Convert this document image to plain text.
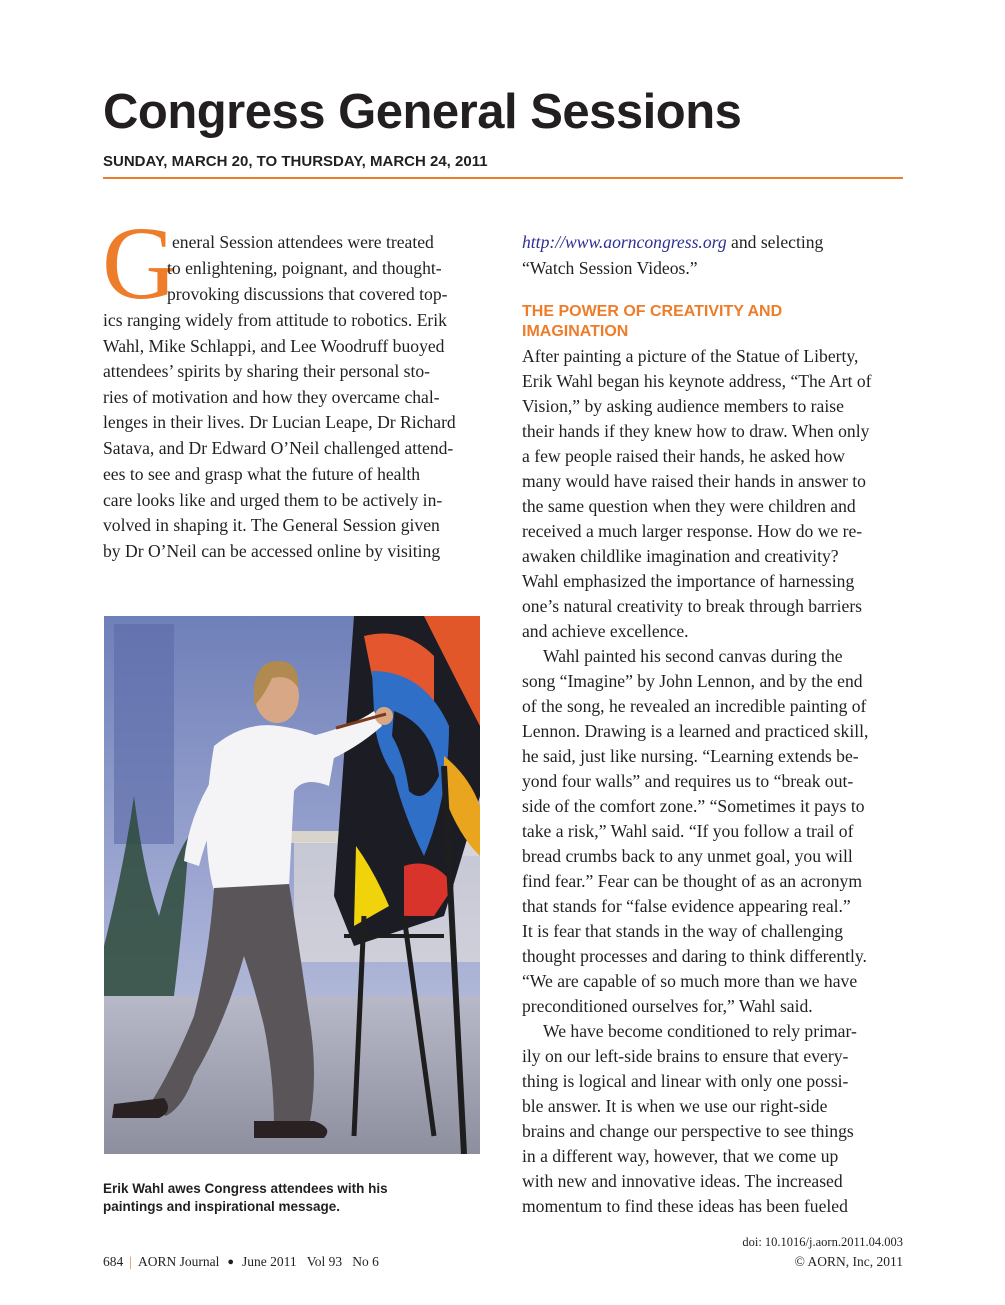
Congress General Sessions
SUNDAY, MARCH 20, TO THURSDAY, MARCH 24, 2011
G
eneral Session attendees were treated
to enlightening, poignant, and thought-
provoking discussions that covered top-
ics ranging widely from attitude to robotics. Erik
Wahl, Mike Schlappi, and Lee Woodruff buoyed
attendees’ spirits by sharing their personal sto-
ries of motivation and how they overcame chal-
lenges in their lives. Dr Lucian Leape, Dr Richard
Satava, and Dr Edward O’Neil challenged attend-
ees to see and grasp what the future of health
care looks like and urged them to be actively in-
volved in shaping it. The General Session given
by Dr O’Neil can be accessed online by visiting
Erik Wahl awes Congress attendees with his
paintings and inspirational message.
http://www.aorncongress.org and selecting
“Watch Session Videos.”
THE POWER OF CREATIVITY AND
IMAGINATION
After painting a picture of the Statue of Liberty,
Erik Wahl began his keynote address, “The Art of
Vision,” by asking audience members to raise
their hands if they knew how to draw. When only
a few people raised their hands, he asked how
many would have raised their hands in answer to
the same question when they were children and
received a much larger response. How do we re-
awaken childlike imagination and creativity?
Wahl emphasized the importance of harnessing
one’s natural creativity to break through barriers
and achieve excellence.
Wahl painted his second canvas during the
song “Imagine” by John Lennon, and by the end
of the song, he revealed an incredible painting of
Lennon. Drawing is a learned and practiced skill,
he said, just like nursing. “Learning extends be-
yond four walls” and requires us to “break out-
side of the comfort zone.” “Sometimes it pays to
take a risk,” Wahl said. “If you follow a trail of
bread crumbs back to any unmet goal, you will
find fear.” Fear can be thought of as an acronym
that stands for “false evidence appearing real.”
It is fear that stands in the way of challenging
thought processes and daring to think differently.
“We are capable of so much more than we have
preconditioned ourselves for,” Wahl said.
We have become conditioned to rely primar-
ily on our left-side brains to ensure that every-
thing is logical and linear with only one possi-
ble answer. It is when we use our right-side
brains and change our perspective to see things
in a different way, however, that we come up
with new and innovative ideas. The increased
momentum to find these ideas has been fueled
684 | AORN Journal ● June 2011 Vol 93 No 6
doi: 10.1016/j.aorn.2011.04.003
© AORN, Inc, 2011
